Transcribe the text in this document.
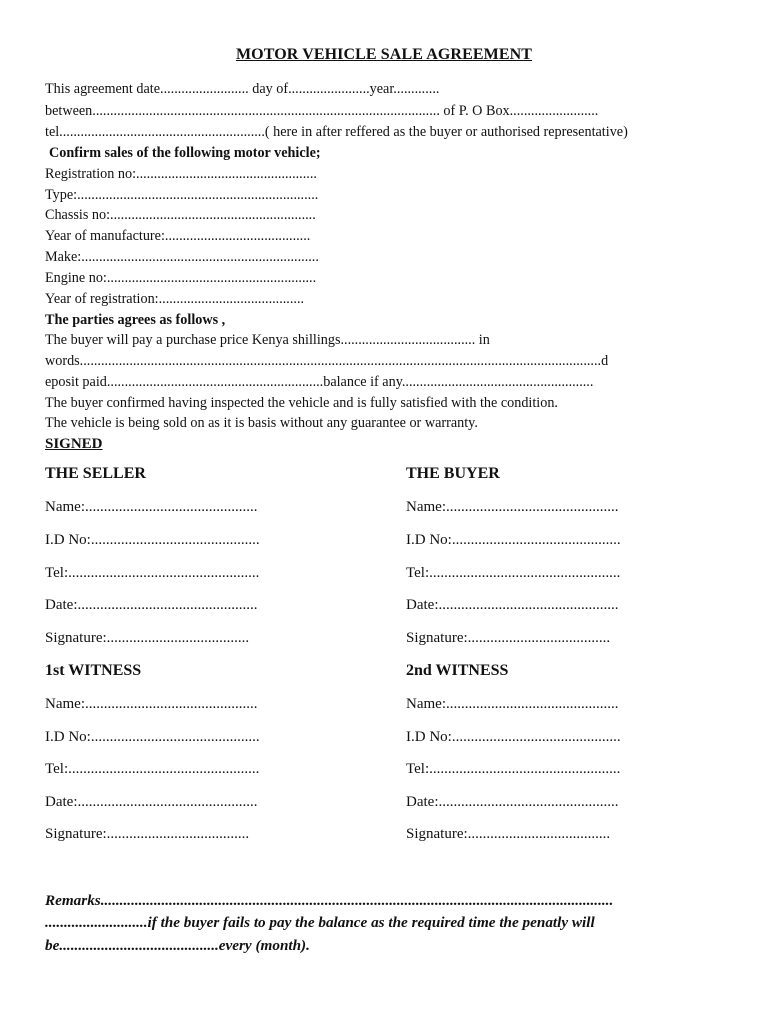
MOTOR VEHICLE SALE AGREEMENT
This agreement date......................... day of.......................year.............
between.................................................................................................. of P. O Box.........................
tel..........................................................( here in after reffered as the buyer or authorised representative)
Confirm sales of the following motor vehicle;
Registration no:...................................................
Type:....................................................................
Chassis no:..........................................................
Year of manufacture:.........................................
Make:...................................................................
Engine no:...........................................................
Year of registration:.........................................
The parties agrees as follows ,
The buyer will pay a purchase price Kenya shillings...................................... in
words...................................................................................................................................................d
eposit paid.............................................................balance if any......................................................
The buyer confirmed having inspected the vehicle and is fully satisfied with the condition.
The vehicle is being sold on as it is basis without any guarantee or warranty.
SIGNED
THE SELLER
Name:..............................................
I.D No:.............................................
Tel:...................................................
Date:................................................
Signature:......................................
THE BUYER
Name:..............................................
I.D No:.............................................
Tel:...................................................
Date:................................................
Signature:......................................
1st WITNESS
Name:..............................................
I.D No:.............................................
Tel:...................................................
Date:................................................
Signature:......................................
2nd WITNESS
Name:..............................................
I.D No:.............................................
Tel:...................................................
Date:................................................
Signature:......................................
Remarks.......................................................................................................................................
...........................if the buyer fails to pay the balance as the required time the penatly will
be..........................................every (month).
